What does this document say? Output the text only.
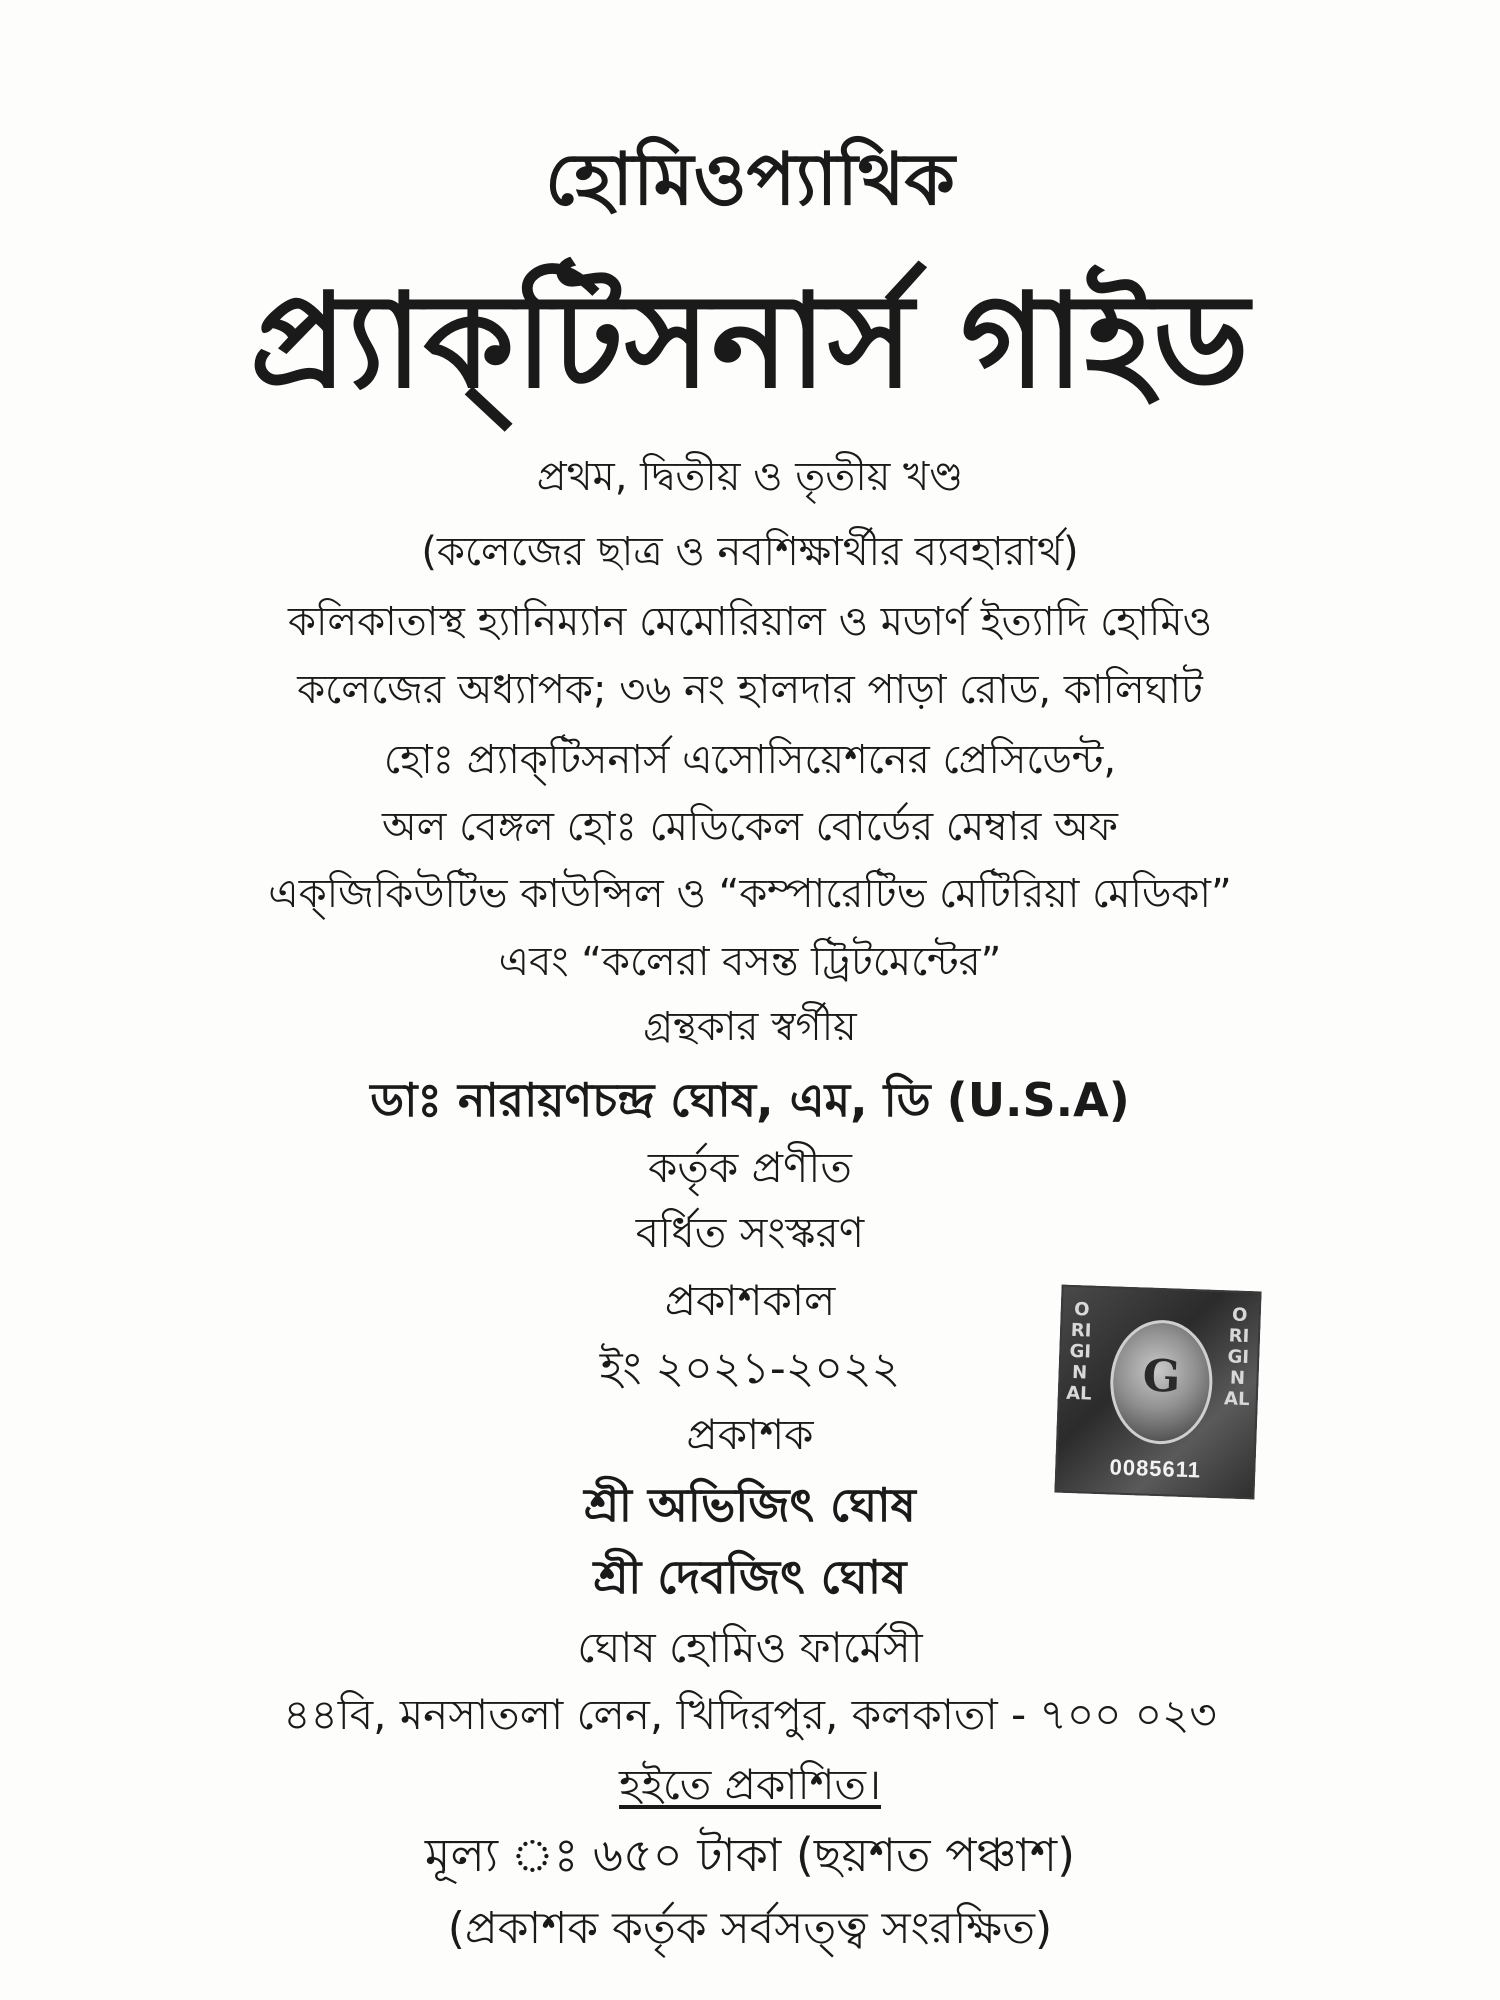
হোমিওপ্যাথিক
প্র্যাক্‌টিসনার্স গাইড
প্রথম, দ্বিতীয় ও তৃতীয় খণ্ড
(কলেজের ছাত্র ও নবশিক্ষার্থীর ব্যবহারার্থ)
কলিকাতাস্থ হ্যানিম্যান মেমোরিয়াল ও মডার্ণ ইত্যাদি হোমিও
কলেজের অধ্যাপক; ৩৬ নং হালদার পাড়া রোড, কালিঘাট
হোঃ প্র্যাক্‌টিসনার্স এসোসিয়েশনের প্রেসিডেন্ট,
অল বেঙ্গল হোঃ মেডিকেল বোর্ডের মেম্বার অফ
এক্‌জিকিউটিভ কাউন্সিল ও “কম্পারেটিভ মেটিরিয়া মেডিকা”
এবং “কলেরা বসন্ত ট্রিটমেন্টের”
গ্রন্থকার স্বর্গীয়
ডাঃ নারায়ণচন্দ্র ঘোষ, এম, ডি (U.S.A)
কর্তৃক প্রণীত
বর্ধিত সংস্করণ
প্রকাশকাল
ইং ২০২১-২০২২
প্রকাশক
শ্রী অভিজিৎ ঘোষ
শ্রী দেবজিৎ ঘোষ
ঘোষ হোমিও ফার্মেসী
৪৪বি, মনসাতলা লেন, খিদিরপুর, কলকাতা - ৭০০ ০২৩
হইতে প্রকাশিত।
মূল্য ঃ ৬৫০ টাকা (ছয়শত পঞ্চাশ)
(প্রকাশক কর্তৃক সর্বসত্ত্ব সংরক্ষিত)
ORIGINAL
ORIGINAL
G
0085611
